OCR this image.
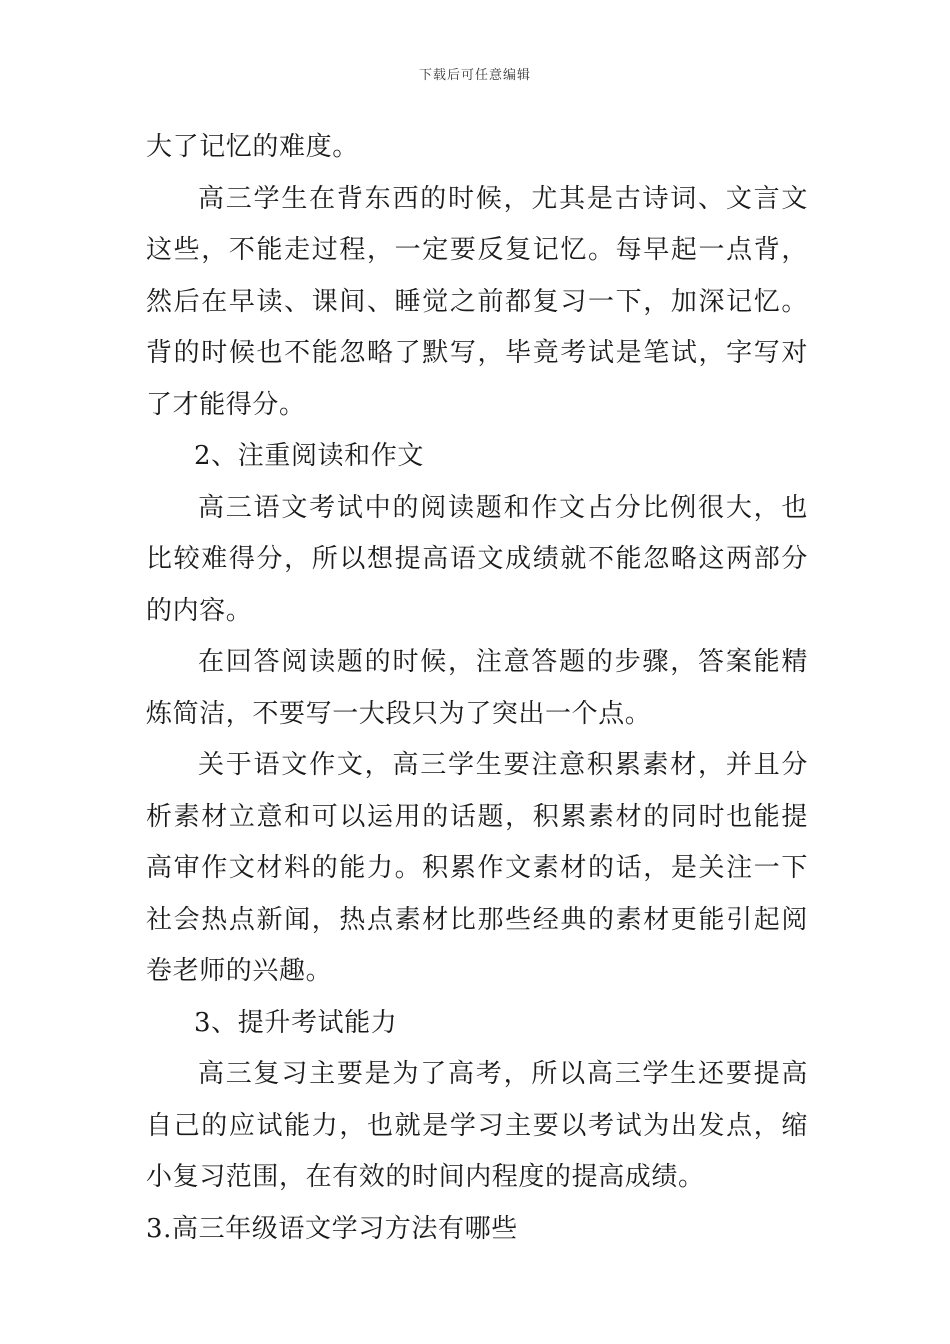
下载后可任意编辑

大了记忆的难度。

高三学生在背东西的时候，尤其是古诗词、文言文这些，不能走过程，一定要反复记忆。每早起一点背，然后在早读、课间、睡觉之前都复习一下，加深记忆。背的时候也不能忽略了默写，毕竟考试是笔试，字写对了才能得分。

2、注重阅读和作文

高三语文考试中的阅读题和作文占分比例很大，也比较难得分，所以想提高语文成绩就不能忽略这两部分的内容。

在回答阅读题的时候，注意答题的步骤，答案能精炼简洁，不要写一大段只为了突出一个点。

关于语文作文，高三学生要注意积累素材，并且分析素材立意和可以运用的话题，积累素材的同时也能提高审作文材料的能力。积累作文素材的话，是关注一下社会热点新闻，热点素材比那些经典的素材更能引起阅卷老师的兴趣。

3、提升考试能力

高三复习主要是为了高考，所以高三学生还要提高自己的应试能力，也就是学习主要以考试为出发点，缩小复习范围，在有效的时间内程度的提高成绩。

3.高三年级语文学习方法有哪些
